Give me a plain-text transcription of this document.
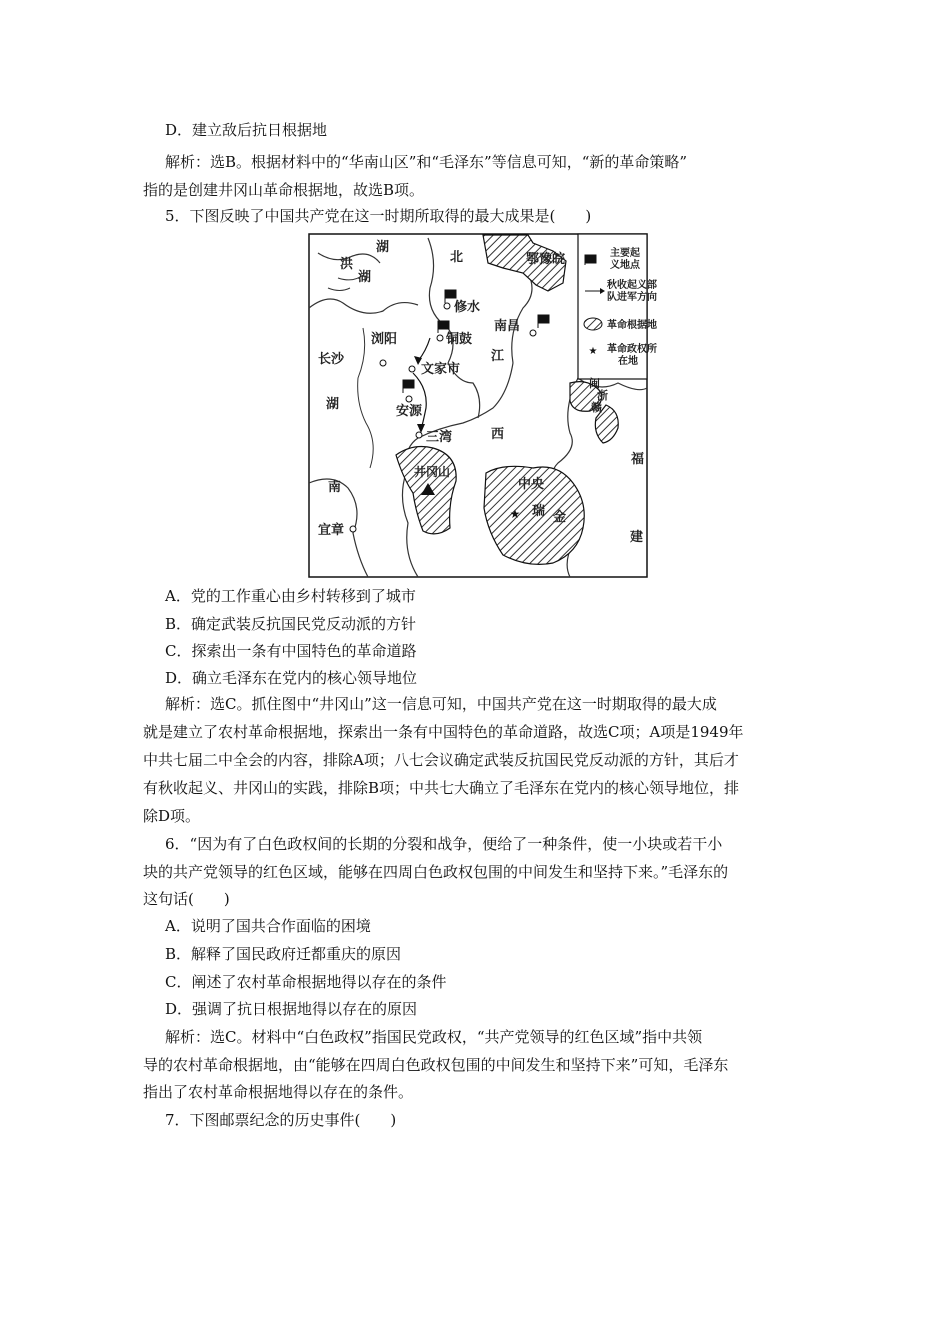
D．建立敌后抗日根据地
解析：选B。根据材料中的“华南山区”和“毛泽东”等信息可知，“新的革命策略”
指的是创建井冈山革命根据地，故选B项。
5．下图反映了中国共产党在这一时期所取得的最大成果是(　　)
主要起
义地点
秋收起义部
队进军方向
革命根据地
★ 革命政权所
在地
★
湖
洪
湖
北	鄂豫皖
修水
铜鼓
浏阳
南昌
长沙	江
文家市
湖	安源
三湾	西
闽
浙
赣
福
井冈山
南	中央
瑞 金
宜章	建
A．党的工作重心由乡村转移到了城市
B．确定武装反抗国民党反动派的方针
C．探索出一条有中国特色的革命道路
D．确立毛泽东在党内的核心领导地位
解析：选C。抓住图中“井冈山”这一信息可知，中国共产党在这一时期取得的最大成
就是建立了农村革命根据地，探索出一条有中国特色的革命道路，故选C项；A项是1949年
中共七届二中全会的内容，排除A项；八七会议确定武装反抗国民党反动派的方针，其后才
有秋收起义、井冈山的实践，排除B项；中共七大确立了毛泽东在党内的核心领导地位，排
除D项。
6．“因为有了白色政权间的长期的分裂和战争，便给了一种条件，使一小块或若干小
块的共产党领导的红色区域，能够在四周白色政权包围的中间发生和坚持下来。”毛泽东的
这句话(　　)
A．说明了国共合作面临的困境
B．解释了国民政府迁都重庆的原因
C．阐述了农村革命根据地得以存在的条件
D．强调了抗日根据地得以存在的原因
解析：选C。材料中“白色政权”指国民党政权，“共产党领导的红色区域”指中共领
导的农村革命根据地，由“能够在四周白色政权包围的中间发生和坚持下来”可知，毛泽东
指出了农村革命根据地得以存在的条件。
7．下图邮票纪念的历史事件(　　)
